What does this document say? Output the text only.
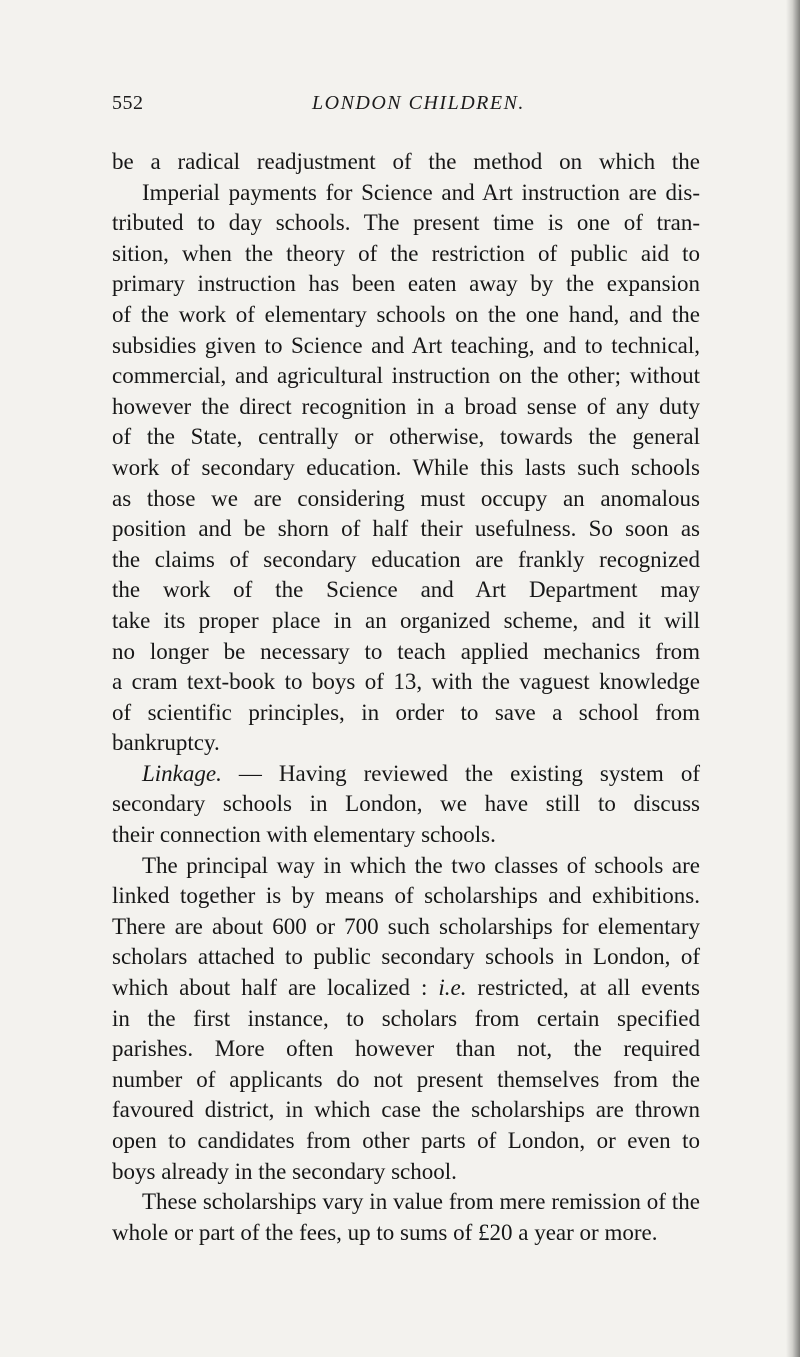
552	LONDON CHILDREN.
be a radical readjustment of the method on which the
Imperial payments for Science and Art instruction are dis-
tributed to day schools. The present time is one of tran-
sition, when the theory of the restriction of public aid to
primary instruction has been eaten away by the expansion
of the work of elementary schools on the one hand, and the
subsidies given to Science and Art teaching, and to technical,
commercial, and agricultural instruction on the other; without
however the direct recognition in a broad sense of any duty
of the State, centrally or otherwise, towards the general
work of secondary education. While this lasts such schools
as those we are considering must occupy an anomalous
position and be shorn of half their usefulness. So soon as
the claims of secondary education are frankly recognized
the work of the Science and Art Department may
take its proper place in an organized scheme, and it will
no longer be necessary to teach applied mechanics from
a cram text-book to boys of 13, with the vaguest knowledge
of scientific principles, in order to save a school from
bankruptcy.
Linkage. — Having reviewed the existing system of
secondary schools in London, we have still to discuss
their connection with elementary schools.
The principal way in which the two classes of schools are
linked together is by means of scholarships and exhibitions.
There are about 600 or 700 such scholarships for elementary
scholars attached to public secondary schools in London, of
which about half are localized : i.e. restricted, at all events
in the first instance, to scholars from certain specified
parishes. More often however than not, the required
number of applicants do not present themselves from the
favoured district, in which case the scholarships are thrown
open to candidates from other parts of London, or even to
boys already in the secondary school.
These scholarships vary in value from mere remission of the
whole or part of the fees, up to sums of £20 a year or more.
